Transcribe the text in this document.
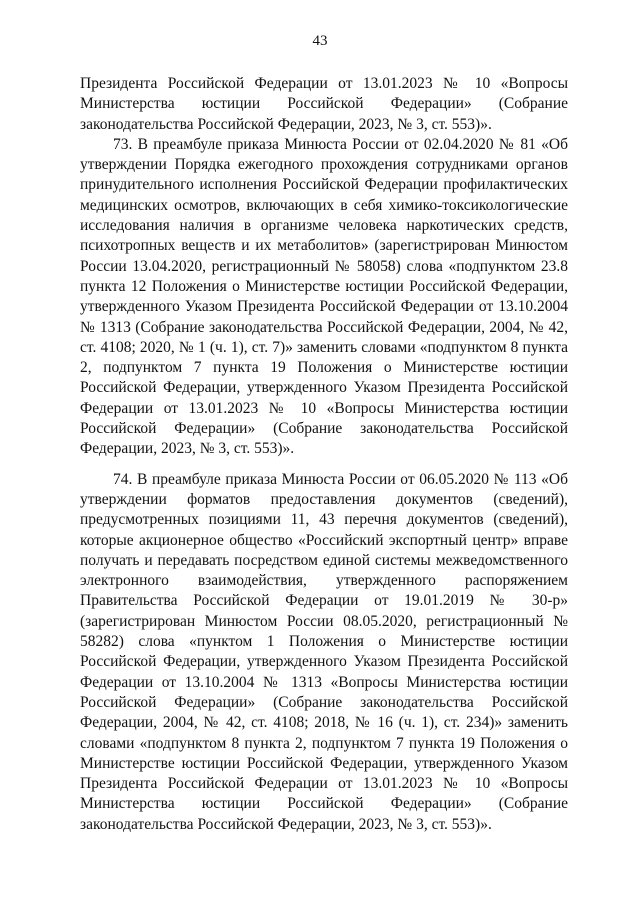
43

Президента Российской Федерации от 13.01.2023 № 10 «Вопросы Министерства юстиции Российской Федерации» (Собрание законодательства Российской Федерации, 2023, № 3, ст. 553)».

73. В преамбуле приказа Минюста России от 02.04.2020 № 81 «Об утверждении Порядка ежегодного прохождения сотрудниками органов принудительного исполнения Российской Федерации профилактических медицинских осмотров, включающих в себя химико-токсикологические исследования наличия в организме человека наркотических средств, психотропных веществ и их метаболитов» (зарегистрирован Минюстом России 13.04.2020, регистрационный № 58058) слова «подпунктом 23.8 пункта 12 Положения о Министерстве юстиции Российской Федерации, утвержденного Указом Президента Российской Федерации от 13.10.2004 № 1313 (Собрание законодательства Российской Федерации, 2004, № 42, ст. 4108; 2020, № 1 (ч. 1), ст. 7)» заменить словами «подпунктом 8 пункта 2, подпунктом 7 пункта 19 Положения о Министерстве юстиции Российской Федерации, утвержденного Указом Президента Российской Федерации от 13.01.2023 № 10 «Вопросы Министерства юстиции Российской Федерации» (Собрание законодательства Российской Федерации, 2023, № 3, ст. 553)».

74. В преамбуле приказа Минюста России от 06.05.2020 № 113 «Об утверждении форматов предоставления документов (сведений), предусмотренных позициями 11, 43 перечня документов (сведений), которые акционерное общество «Российский экспортный центр» вправе получать и передавать посредством единой системы межведомственного электронного взаимодействия, утвержденного распоряжением Правительства Российской Федерации от 19.01.2019 № 30-р» (зарегистрирован Минюстом России 08.05.2020, регистрационный № 58282) слова «пунктом 1 Положения о Министерстве юстиции Российской Федерации, утвержденного Указом Президента Российской Федерации от 13.10.2004 № 1313 «Вопросы Министерства юстиции Российской Федерации» (Собрание законодательства Российской Федерации, 2004, № 42, ст. 4108; 2018, № 16 (ч. 1), ст. 234)» заменить словами «подпунктом 8 пункта 2, подпунктом 7 пункта 19 Положения о Министерстве юстиции Российской Федерации, утвержденного Указом Президента Российской Федерации от 13.01.2023 № 10 «Вопросы Министерства юстиции Российской Федерации» (Собрание законодательства Российской Федерации, 2023, № 3, ст. 553)».
